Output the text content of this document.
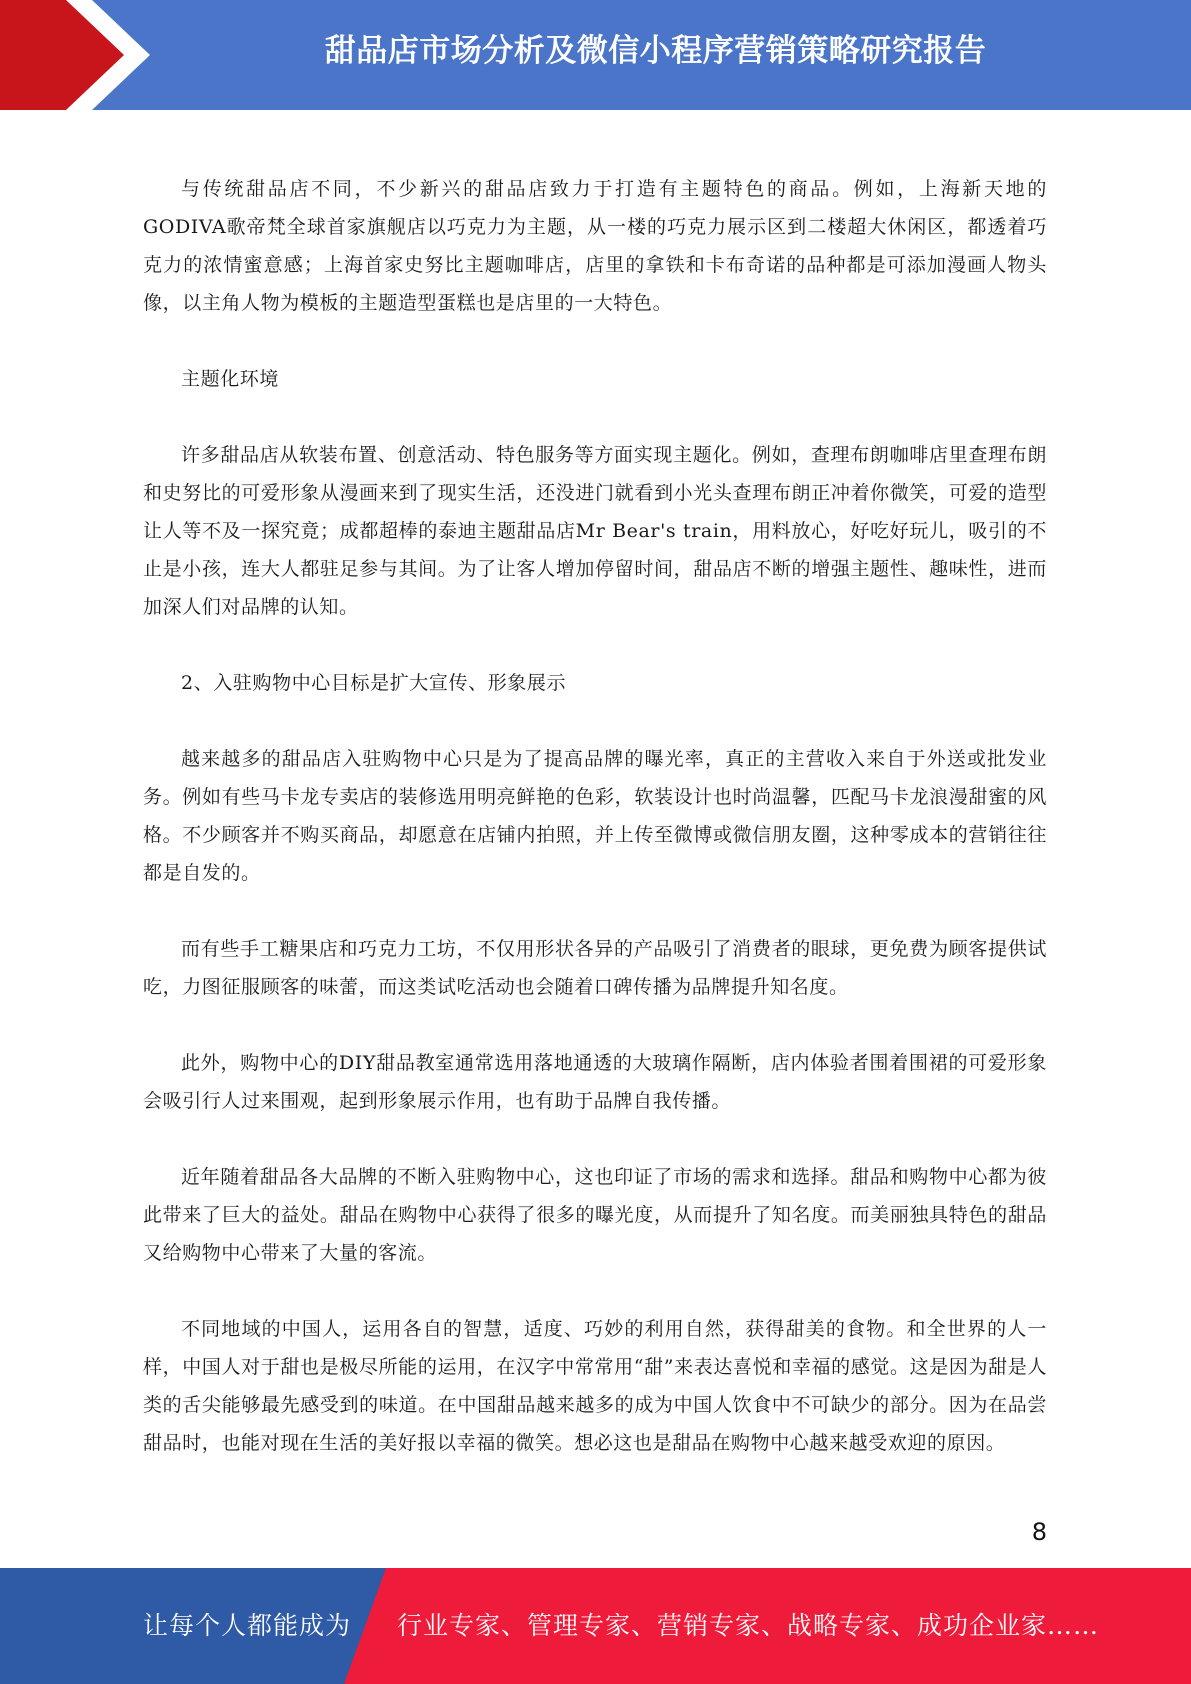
甜品店市场分析及微信小程序营销策略研究报告

与传统甜品店不同，不少新兴的甜品店致力于打造有主题特色的商品。例如，上海新天地的GODIVA歌帝梵全球首家旗舰店以巧克力为主题，从一楼的巧克力展示区到二楼超大休闲区，都透着巧克力的浓情蜜意感；上海首家史努比主题咖啡店，店里的拿铁和卡布奇诺的品种都是可添加漫画人物头像，以主角人物为模板的主题造型蛋糕也是店里的一大特色。

主题化环境

许多甜品店从软装布置、创意活动、特色服务等方面实现主题化。例如，查理布朗咖啡店里查理布朗和史努比的可爱形象从漫画来到了现实生活，还没进门就看到小光头查理布朗正冲着你微笑，可爱的造型让人等不及一探究竟；成都超棒的泰迪主题甜品店Mr Bear's train，用料放心，好吃好玩儿，吸引的不止是小孩，连大人都驻足参与其间。为了让客人增加停留时间，甜品店不断的增强主题性、趣味性，进而加深人们对品牌的认知。

2、入驻购物中心目标是扩大宣传、形象展示

越来越多的甜品店入驻购物中心只是为了提高品牌的曝光率，真正的主营收入来自于外送或批发业务。例如有些马卡龙专卖店的装修选用明亮鲜艳的色彩，软装设计也时尚温馨，匹配马卡龙浪漫甜蜜的风格。不少顾客并不购买商品，却愿意在店铺内拍照，并上传至微博或微信朋友圈，这种零成本的营销往往都是自发的。

而有些手工糖果店和巧克力工坊，不仅用形状各异的产品吸引了消费者的眼球，更免费为顾客提供试吃，力图征服顾客的味蕾，而这类试吃活动也会随着口碑传播为品牌提升知名度。

此外，购物中心的DIY甜品教室通常选用落地通透的大玻璃作隔断，店内体验者围着围裙的可爱形象会吸引行人过来围观，起到形象展示作用，也有助于品牌自我传播。

近年随着甜品各大品牌的不断入驻购物中心，这也印证了市场的需求和选择。甜品和购物中心都为彼此带来了巨大的益处。甜品在购物中心获得了很多的曝光度，从而提升了知名度。而美丽独具特色的甜品又给购物中心带来了大量的客流。

不同地域的中国人，运用各自的智慧，适度、巧妙的利用自然，获得甜美的食物。和全世界的人一样，中国人对于甜也是极尽所能的运用，在汉字中常常用“甜”来表达喜悦和幸福的感觉。这是因为甜是人类的舌尖能够最先感受到的味道。在中国甜品越来越多的成为中国人饮食中不可缺少的部分。因为在品尝甜品时，也能对现在生活的美好报以幸福的微笑。想必这也是甜品在购物中心越来越受欢迎的原因。

8
让每个人都能成为 行业专家、管理专家、营销专家、战略专家、成功企业家……
